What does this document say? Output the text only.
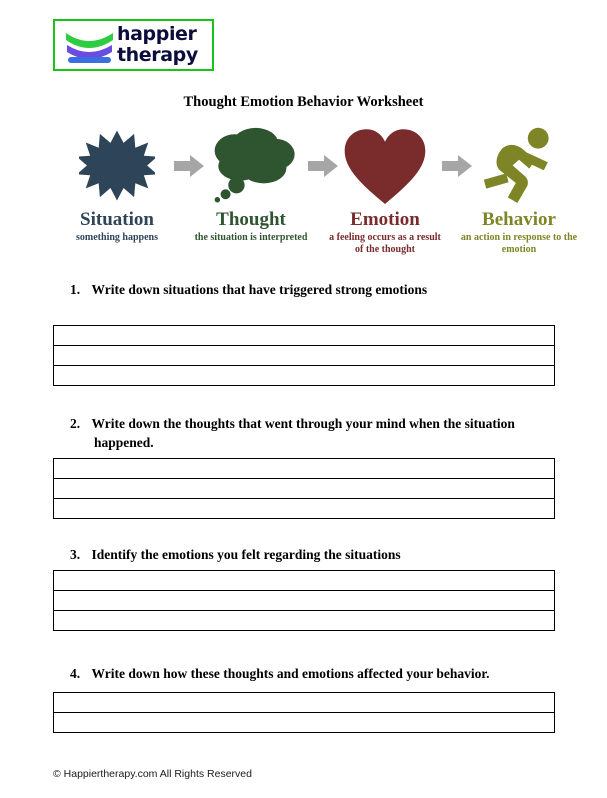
happier
therapy
Thought Emotion Behavior Worksheet
Situation
something happens
Thought
the situation is interpreted
Emotion
a feeling occurs as a result of the thought
Behavior
an action in response to the emotion
1. Write down situations that have triggered strong emotions

2. Write down the thoughts that went through your mind when the situation happened.

3. Identify the emotions you felt regarding the situations

4. Write down how these thoughts and emotions affected your behavior.

© Happiertherapy.com All Rights Reserved
